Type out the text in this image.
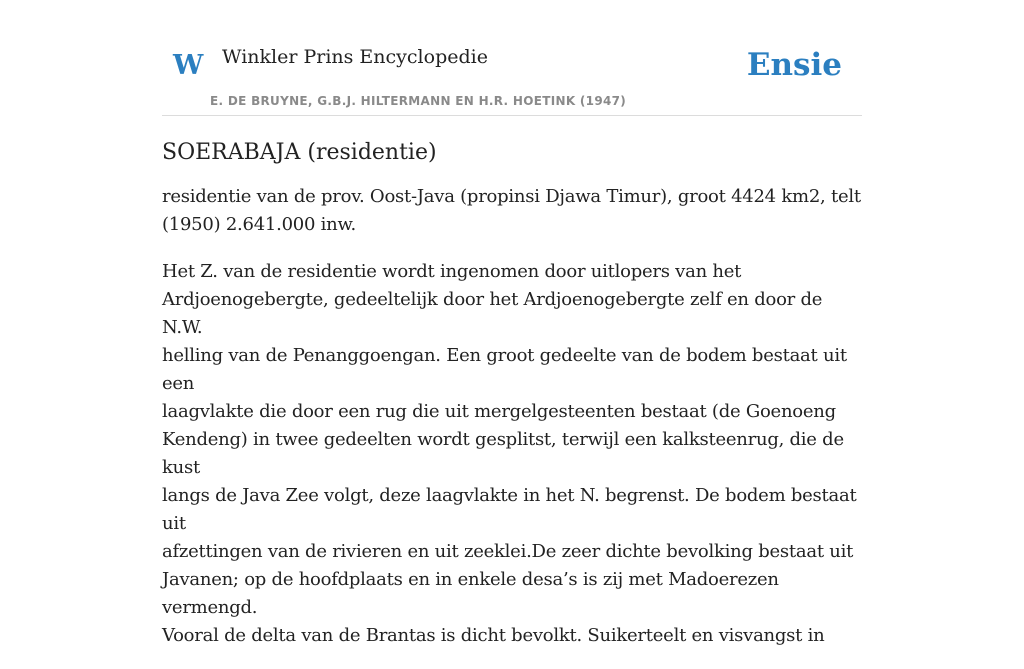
W Winkler Prins Encyclopedie
E. DE BRUYNE, G.B.J. HILTERMANN EN H.R. HOETINK (1947)
Ensie
SOERABAJA (residentie)

residentie van de prov. Oost-Java (propinsi Djawa Timur), groot 4424 km2, telt
(1950) 2.641.000 inw.

Het Z. van de residentie wordt ingenomen door uitlopers van het
Ardjoenogebergte, gedeeltelijk door het Ardjoenogebergte zelf en door de N.W.
helling van de Penanggoengan. Een groot gedeelte van de bodem bestaat uit een
laagvlakte die door een rug die uit mergelgesteenten bestaat (de Goenoeng
Kendeng) in twee gedeelten wordt gesplitst, terwijl een kalksteenrug, die de kust
langs de Java Zee volgt, deze laagvlakte in het N. begrenst. De bodem bestaat uit
afzettingen van de rivieren en uit zeeklei.De zeer dichte bevolking bestaat uit
Javanen; op de hoofdplaats en in enkele desa’s is zij met Madoerezen vermengd.
Vooral de delta van de Brantas is dicht bevolkt. Suikerteelt en visvangst in
